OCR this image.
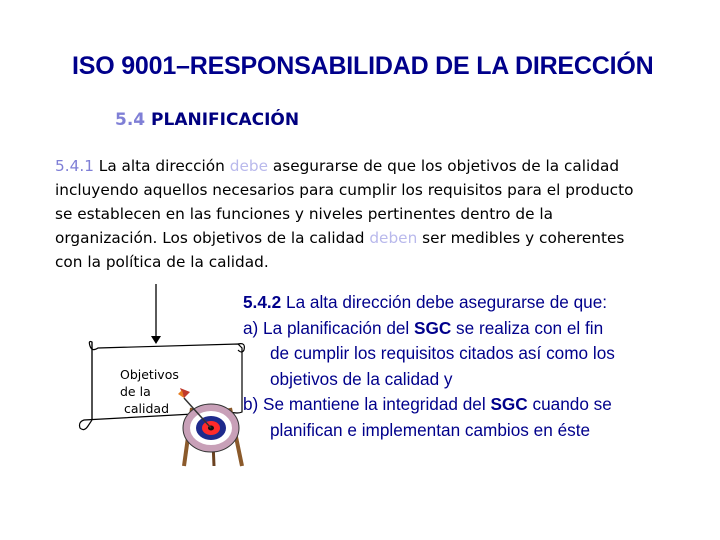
ISO 9001–RESPONSABILIDAD DE LA DIRECCIÓN
5.4 PLANIFICACIÓN
5.4.1 La alta dirección debe asegurarse de que los objetivos de la calidad
incluyendo aquellos necesarios para cumplir los requisitos para el producto
se establecen en las funciones y niveles pertinentes dentro de la
organización. Los objetivos de la calidad deben ser medibles y coherentes
con la política de la calidad.
Objetivos
de la
calidad
5.4.2 La alta dirección debe asegurarse de que:
a) La planificación del SGC se realiza con el fin
de cumplir los requisitos citados así como los
objetivos de la calidad y
b) Se mantiene la integridad del SGC cuando se
planifican e implementan cambios en éste
